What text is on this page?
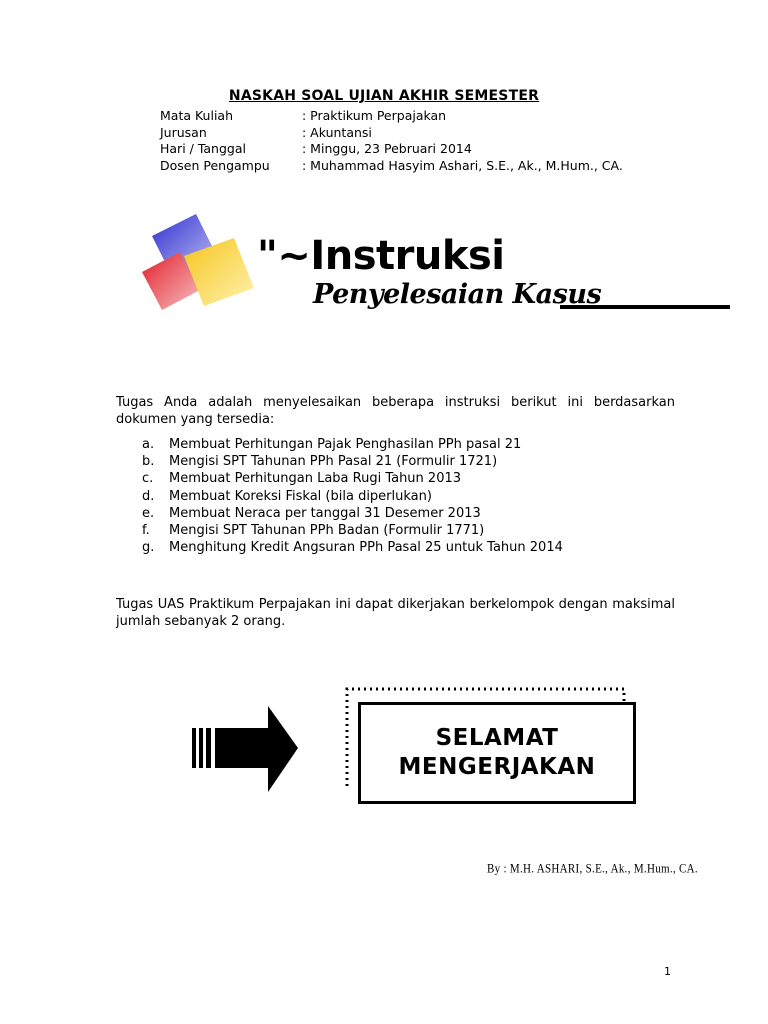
NASKAH SOAL UJIAN AKHIR SEMESTER
Mata Kuliah	: Praktikum Perpajakan
Jurusan	: Akuntansi
Hari / Tanggal	: Minggu, 23 Pebruari 2014
Dosen Pengampu	: Muhammad Hasyim Ashari, S.E., Ak., M.Hum., CA.
"~Instruksi
Penyelesaian Kasus
Tugas Anda adalah menyelesaikan beberapa instruksi berikut ini berdasarkan dokumen yang tersedia:
a.	Membuat Perhitungan Pajak Penghasilan PPh pasal 21
b.	Mengisi SPT Tahunan PPh Pasal 21 (Formulir 1721)
c.	Membuat Perhitungan Laba Rugi Tahun 2013
d.	Membuat Koreksi Fiskal (bila diperlukan)
e.	Membuat Neraca per tanggal 31 Desemer 2013
f.	Mengisi SPT Tahunan PPh Badan (Formulir 1771)
g.	Menghitung Kredit Angsuran PPh Pasal 25 untuk Tahun 2014
Tugas UAS Praktikum Perpajakan ini dapat dikerjakan berkelompok dengan maksimal jumlah sebanyak 2 orang.
SELAMAT
MENGERJAKAN
By : M.H. ASHARI, S.E., Ak., M.Hum., CA.
1
